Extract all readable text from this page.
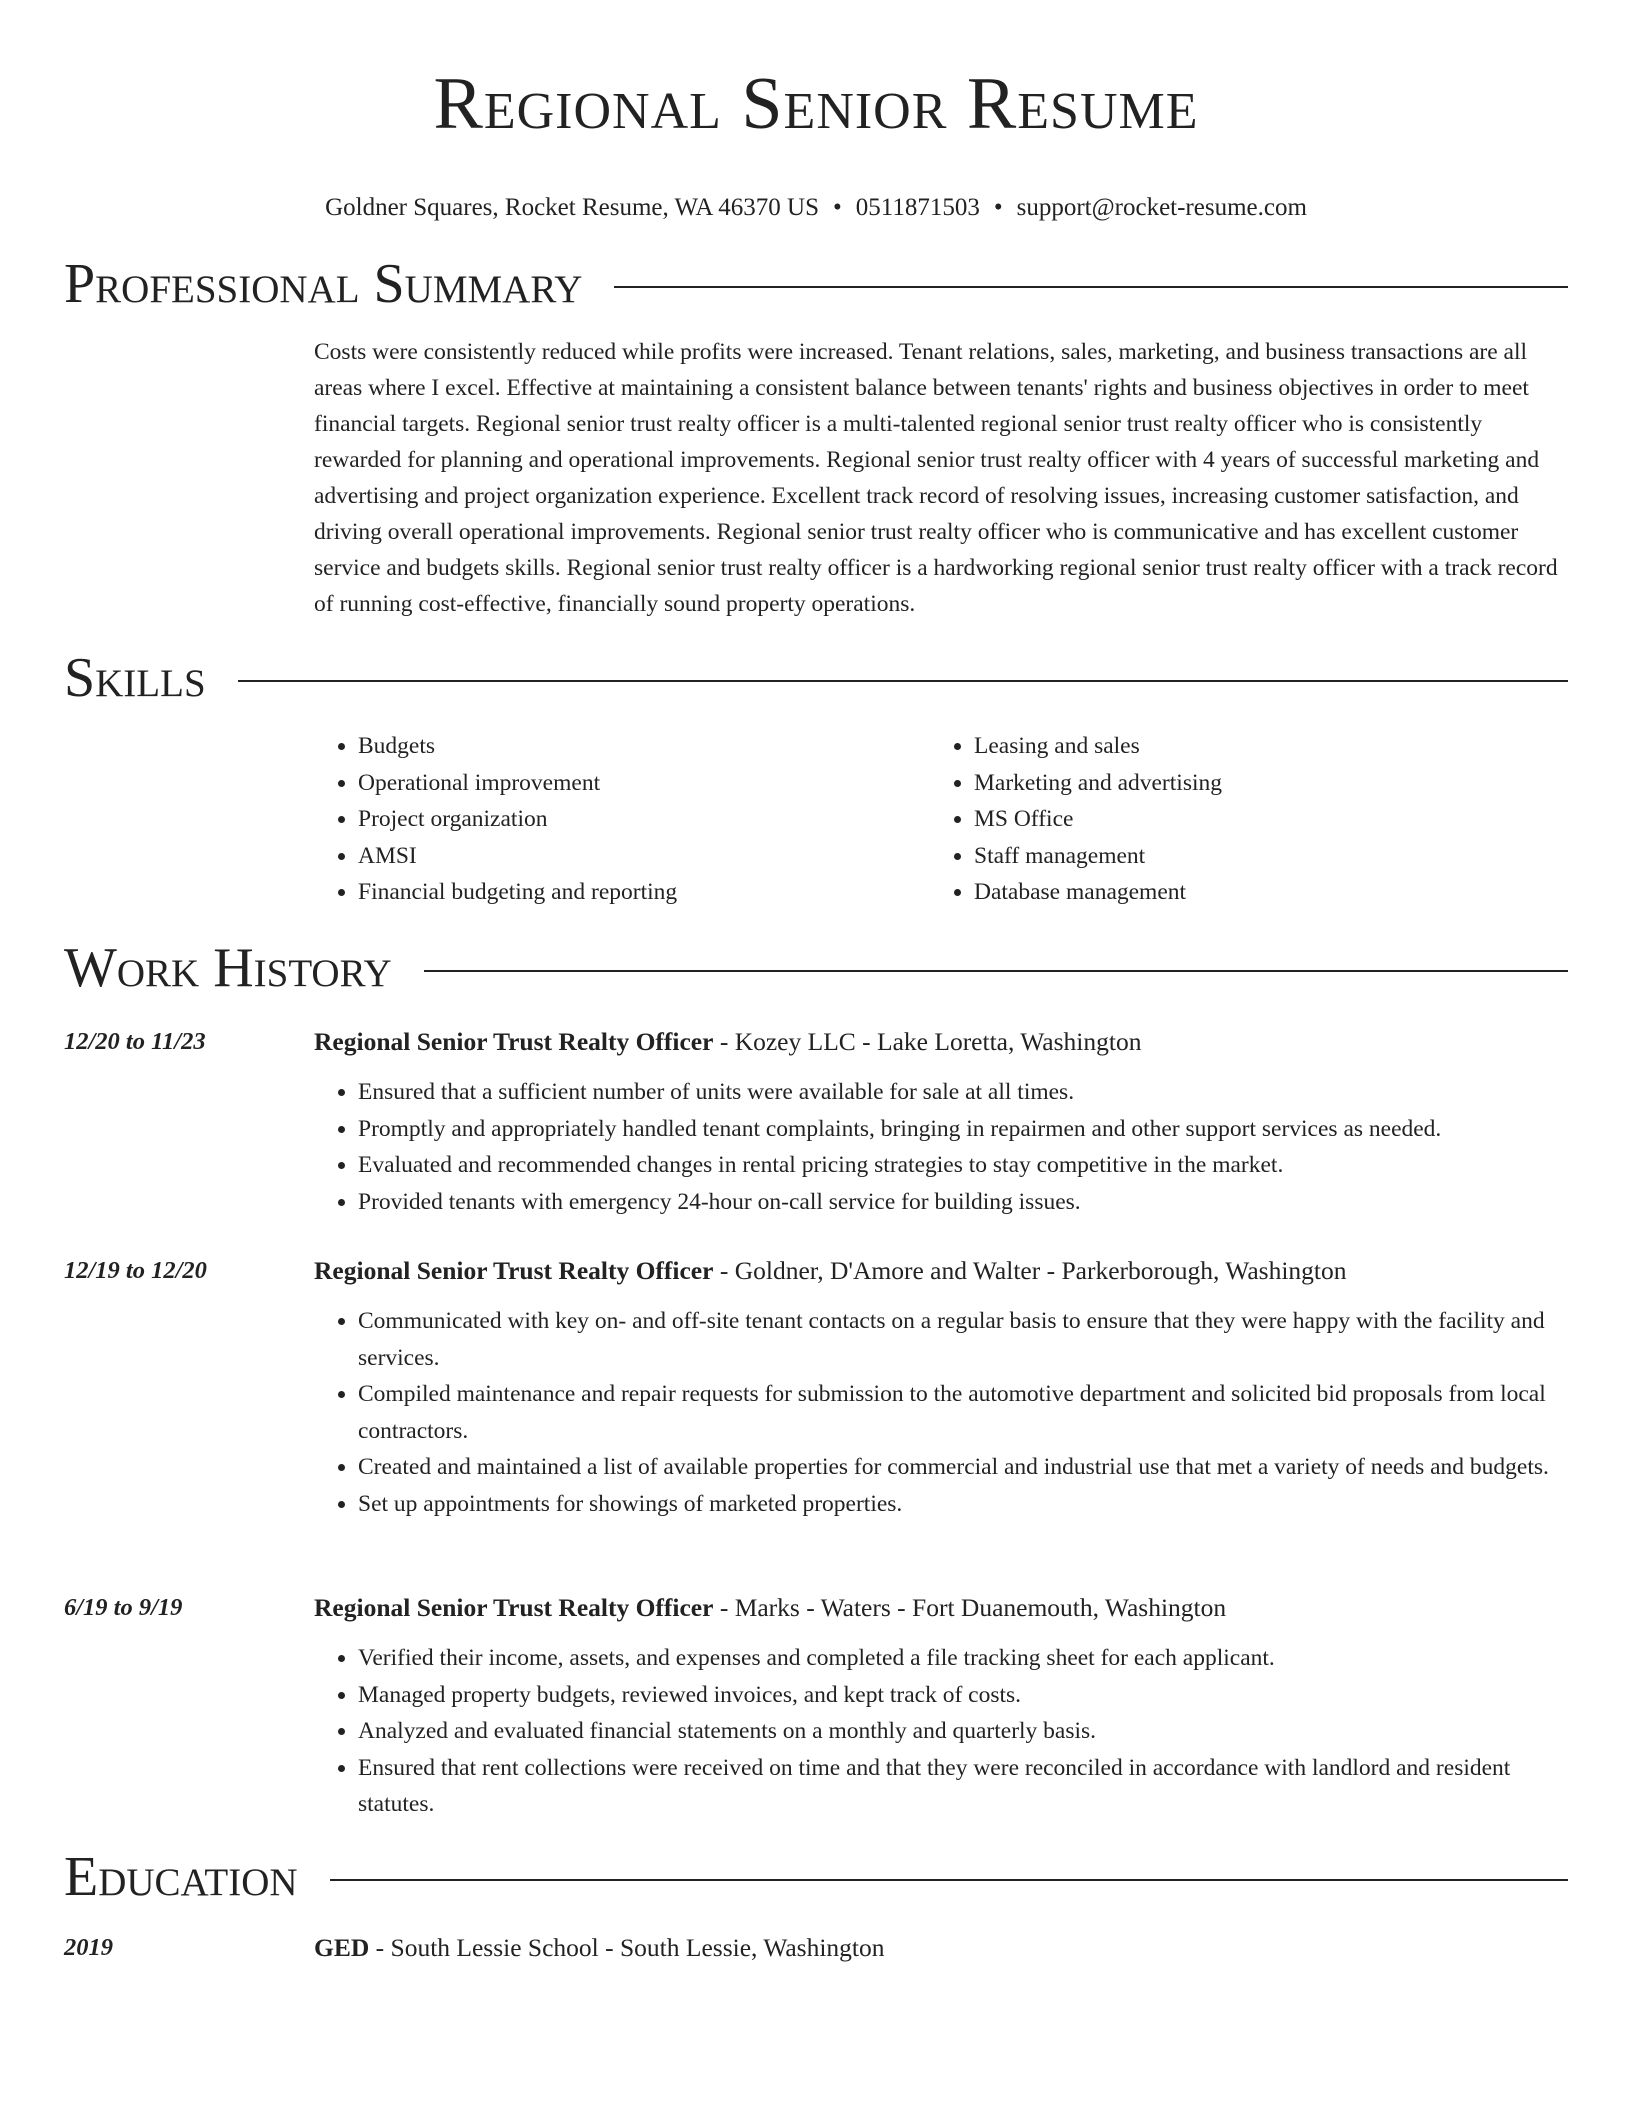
Regional Senior Resume
Goldner Squares, Rocket Resume, WA 46370 US • 0511871503 • support@rocket-resume.com
Professional Summary

Costs were consistently reduced while profits were increased. Tenant relations, sales, marketing, and business transactions are all areas where I excel. Effective at maintaining a consistent balance between tenants' rights and business objectives in order to meet financial targets. Regional senior trust realty officer is a multi-talented regional senior trust realty officer who is consistently rewarded for planning and operational improvements. Regional senior trust realty officer with 4 years of successful marketing and advertising and project organization experience. Excellent track record of resolving issues, increasing customer satisfaction, and driving overall operational improvements. Regional senior trust realty officer who is communicative and has excellent customer service and budgets skills. Regional senior trust realty officer is a hardworking regional senior trust realty officer with a track record of running cost-effective, financially sound property operations.

Skills
• Budgets
• Operational improvement
• Project organization
• AMSI
• Financial budgeting and reporting
• Leasing and sales
• Marketing and advertising
• MS Office
• Staff management
• Database management
Work History
12/20 to 11/23	Regional Senior Trust Realty Officer - Kozey LLC - Lake Loretta, Washington
• Ensured that a sufficient number of units were available for sale at all times.
• Promptly and appropriately handled tenant complaints, bringing in repairmen and other support services as needed.
• Evaluated and recommended changes in rental pricing strategies to stay competitive in the market.
• Provided tenants with emergency 24-hour on-call service for building issues.
12/19 to 12/20	Regional Senior Trust Realty Officer - Goldner, D'Amore and Walter - Parkerborough, Washington
• Communicated with key on- and off-site tenant contacts on a regular basis to ensure that they were happy with the facility and services.
• Compiled maintenance and repair requests for submission to the automotive department and solicited bid proposals from local contractors.
• Created and maintained a list of available properties for commercial and industrial use that met a variety of needs and budgets.
• Set up appointments for showings of marketed properties.
6/19 to 9/19	Regional Senior Trust Realty Officer - Marks - Waters - Fort Duanemouth, Washington
• Verified their income, assets, and expenses and completed a file tracking sheet for each applicant.
• Managed property budgets, reviewed invoices, and kept track of costs.
• Analyzed and evaluated financial statements on a monthly and quarterly basis.
• Ensured that rent collections were received on time and that they were reconciled in accordance with landlord and resident statutes.
Education
2019	GED - South Lessie School - South Lessie, Washington
